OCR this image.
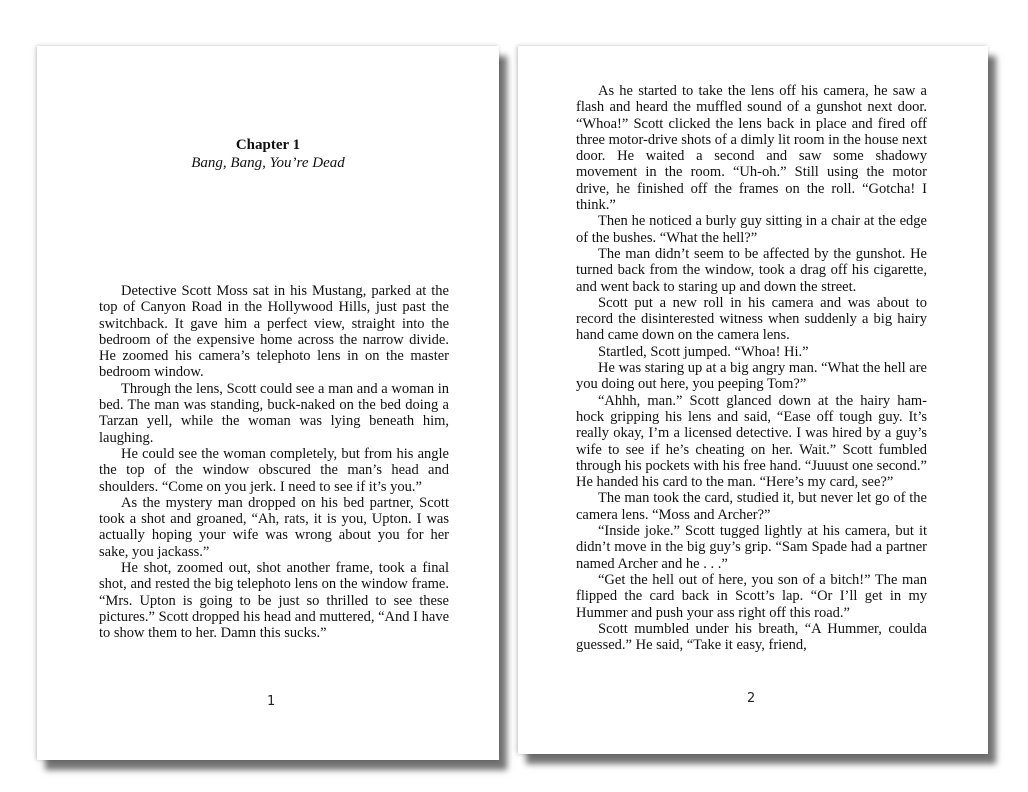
Chapter 1
Bang, Bang, You’re Dead

Detective Scott Moss sat in his Mustang, parked at the top of Canyon Road in the Hollywood Hills, just past the switchback. It gave him a perfect view, straight into the bedroom of the expensive home across the narrow divide. He zoomed his camera’s telephoto lens in on the master bedroom window.

Through the lens, Scott could see a man and a woman in bed. The man was standing, buck-naked on the bed doing a Tarzan yell, while the woman was lying beneath him, laughing.

He could see the woman completely, but from his angle the top of the window obscured the man’s head and shoulders. “Come on you jerk. I need to see if it’s you.”

As the mystery man dropped on his bed partner, Scott took a shot and groaned, “Ah, rats, it is you, Upton. I was actually hoping your wife was wrong about you for her sake, you jackass.”

He shot, zoomed out, shot another frame, took a final shot, and rested the big telephoto lens on the window frame. “Mrs. Upton is going to be just so thrilled to see these pictures.” Scott dropped his head and muttered, “And I have to show them to her. Damn this sucks.”

1

As he started to take the lens off his camera, he saw a flash and heard the muffled sound of a gunshot next door. “Whoa!” Scott clicked the lens back in place and fired off three motor-drive shots of a dimly lit room in the house next door. He waited a second and saw some shadowy movement in the room. “Uh-oh.” Still using the motor drive, he finished off the frames on the roll. “Gotcha! I think.”

Then he noticed a burly guy sitting in a chair at the edge of the bushes. “What the hell?”

The man didn’t seem to be affected by the gunshot. He turned back from the window, took a drag off his cigarette, and went back to staring up and down the street.

Scott put a new roll in his camera and was about to record the disinterested witness when suddenly a big hairy hand came down on the camera lens.

Startled, Scott jumped. “Whoa! Hi.”

He was staring up at a big angry man. “What the hell are you doing out here, you peeping Tom?”

“Ahhh, man.” Scott glanced down at the hairy ham-hock gripping his lens and said, “Ease off tough guy. It’s really okay, I’m a licensed detective. I was hired by a guy’s wife to see if he’s cheating on her. Wait.” Scott fumbled through his pockets with his free hand. “Juuust one second.” He handed his card to the man. “Here’s my card, see?”

The man took the card, studied it, but never let go of the camera lens. “Moss and Archer?”

“Inside joke.” Scott tugged lightly at his camera, but it didn’t move in the big guy’s grip. “Sam Spade had a partner named Archer and he . . .”

“Get the hell out of here, you son of a bitch!” The man flipped the card back in Scott’s lap. “Or I’ll get in my Hummer and push your ass right off this road.”

Scott mumbled under his breath, “A Hummer, coulda guessed.” He said, “Take it easy, friend,

2
